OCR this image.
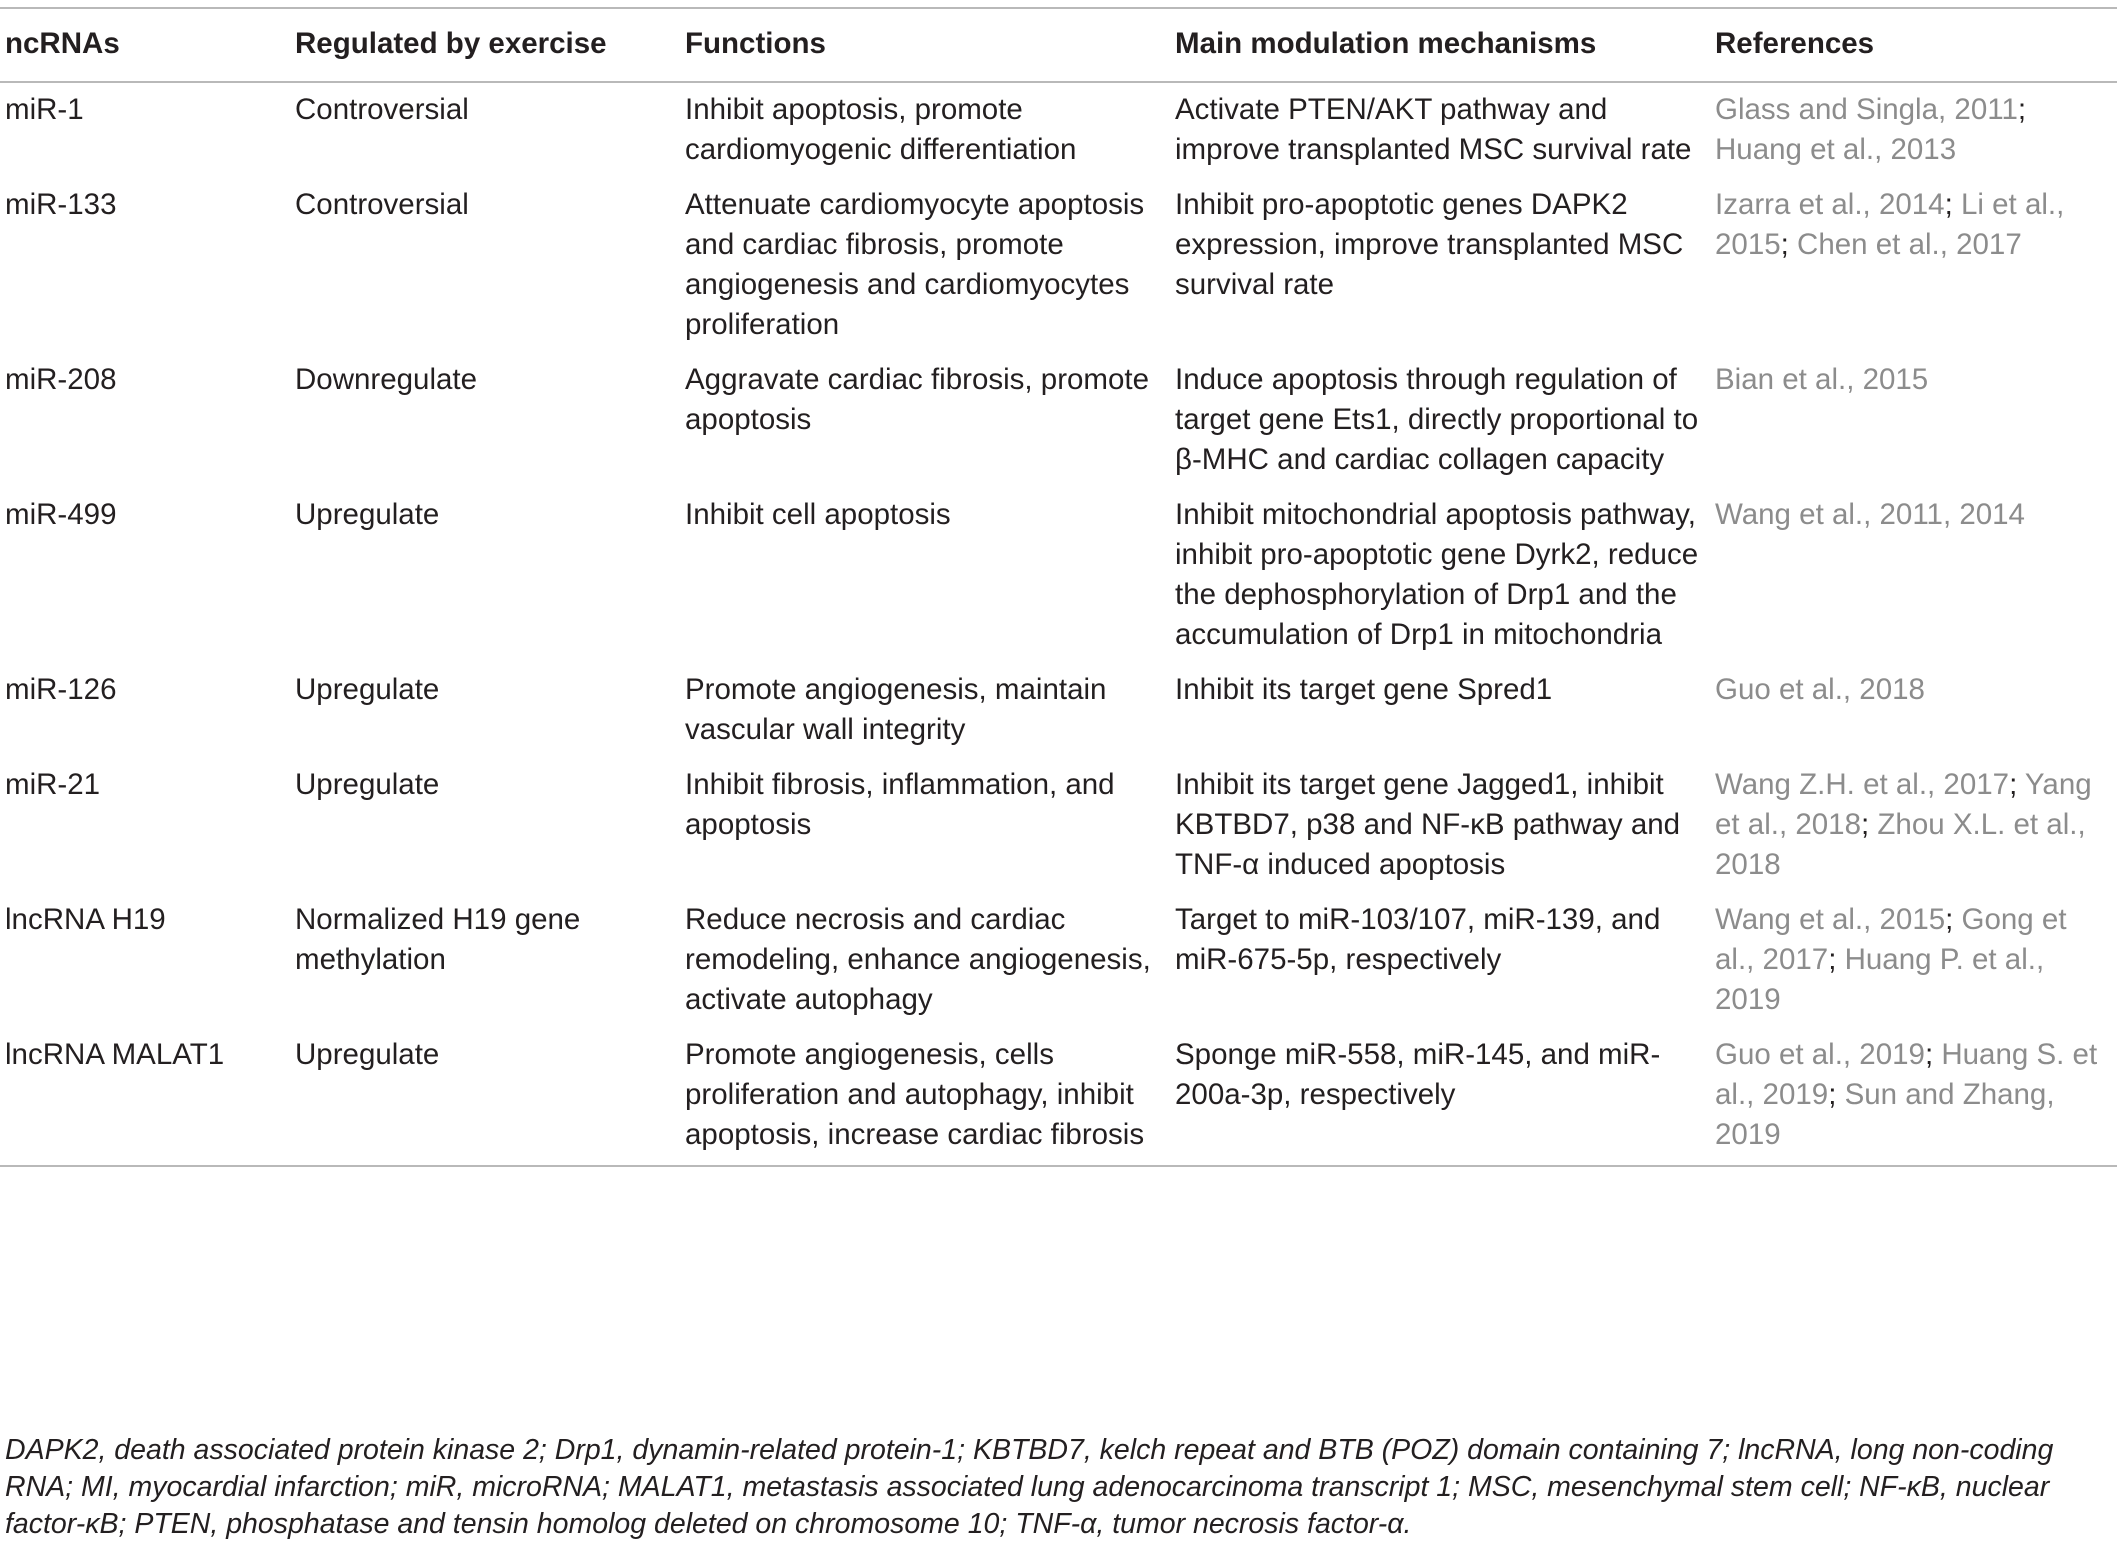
ncRNAs	Regulated by exercise	Functions	Main modulation mechanisms	References
miR-1	Controversial	Inhibit apoptosis, promote cardiomyogenic differentiation	Activate PTEN/AKT pathway and improve transplanted MSC survival rate	Glass and Singla, 2011; Huang et al., 2013
miR-133	Controversial	Attenuate cardiomyocyte apoptosis and cardiac fibrosis, promote angiogenesis and cardiomyocytes proliferation	Inhibit pro-apoptotic genes DAPK2 expression, improve transplanted MSC survival rate	Izarra et al., 2014; Li et al., 2015; Chen et al., 2017
miR-208	Downregulate	Aggravate cardiac fibrosis, promote apoptosis	Induce apoptosis through regulation of target gene Ets1, directly proportional to β-MHC and cardiac collagen capacity	Bian et al., 2015
miR-499	Upregulate	Inhibit cell apoptosis	Inhibit mitochondrial apoptosis pathway, inhibit pro-apoptotic gene Dyrk2, reduce the dephosphorylation of Drp1 and the accumulation of Drp1 in mitochondria	Wang et al., 2011, 2014
miR-126	Upregulate	Promote angiogenesis, maintain vascular wall integrity	Inhibit its target gene Spred1	Guo et al., 2018
miR-21	Upregulate	Inhibit fibrosis, inflammation, and apoptosis	Inhibit its target gene Jagged1, inhibit KBTBD7, p38 and NF-κB pathway and TNF-α induced apoptosis	Wang Z.H. et al., 2017; Yang et al., 2018; Zhou X.L. et al., 2018
lncRNA H19	Normalized H19 gene methylation	Reduce necrosis and cardiac remodeling, enhance angiogenesis, activate autophagy	Target to miR-103/107, miR-139, and miR-675-5p, respectively	Wang et al., 2015; Gong et al., 2017; Huang P. et al., 2019
lncRNA MALAT1	Upregulate	Promote angiogenesis, cells proliferation and autophagy, inhibit apoptosis, increase cardiac fibrosis	Sponge miR-558, miR-145, and miR-200a-3p, respectively	Guo et al., 2019; Huang S. et al., 2019; Sun and Zhang, 2019
DAPK2, death associated protein kinase 2; Drp1, dynamin-related protein-1; KBTBD7, kelch repeat and BTB (POZ) domain containing 7; lncRNA, long non-coding RNA; MI, myocardial infarction; miR, microRNA; MALAT1, metastasis associated lung adenocarcinoma transcript 1; MSC, mesenchymal stem cell; NF-κB, nuclear factor-κB; PTEN, phosphatase and tensin homolog deleted on chromosome 10; TNF-α, tumor necrosis factor-α.
